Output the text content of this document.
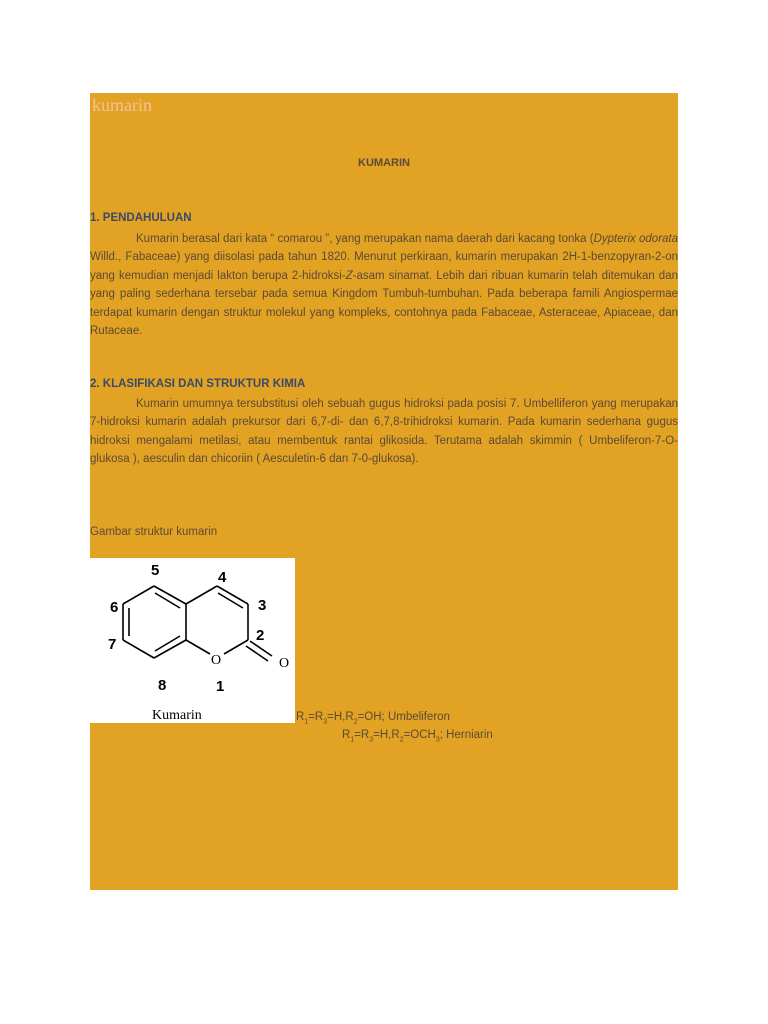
kumarin
KUMARIN
1. PENDAHULUAN

Kumarin berasal dari kata “ comarou ”, yang merupakan nama daerah dari kacang tonka (Dypterix odorata Willd., Fabaceae) yang diisolasi pada tahun 1820. Menurut perkiraan, kumarin merupakan 2H-1-benzopyran-2-on yang kemudian menjadi lakton berupa 2-hidroksi-Z-asam sinamat. Lebih dari ribuan kumarin telah ditemukan dan yang paling sederhana tersebar pada semua Kingdom Tumbuh-tumbuhan. Pada beberapa famili Angiospermae terdapat kumarin dengan struktur molekul yang kompleks, contohnya pada Fabaceae, Asteraceae, Apiaceae, dan Rutaceae.

2. KLASIFIKASI DAN STRUKTUR KIMIA

Kumarin umumnya tersubstitusi oleh sebuah gugus hidroksi pada posisi 7. Umbelliferon yang merupakan 7-hidroksi kumarin adalah prekursor dari 6,7-di- dan 6,7,8-trihidroksi kumarin. Pada kumarin sederhana gugus hidroksi mengalami metilasi, atau membentuk rantai glikosida. Terutama adalah skimmin ( Umbeliferon-7-O-glukosa ), aesculin dan chicoriin ( Aesculetin-6 dan 7-0-glukosa).

Gambar struktur kumarin
5	4
3
2
6
7
8	1
O	O
Kumarin	$R_1=R_3=H,R_2=OH$; Umbeliferon
$R_1=R_3=H,R_2=OCH_3$; Herniarin
